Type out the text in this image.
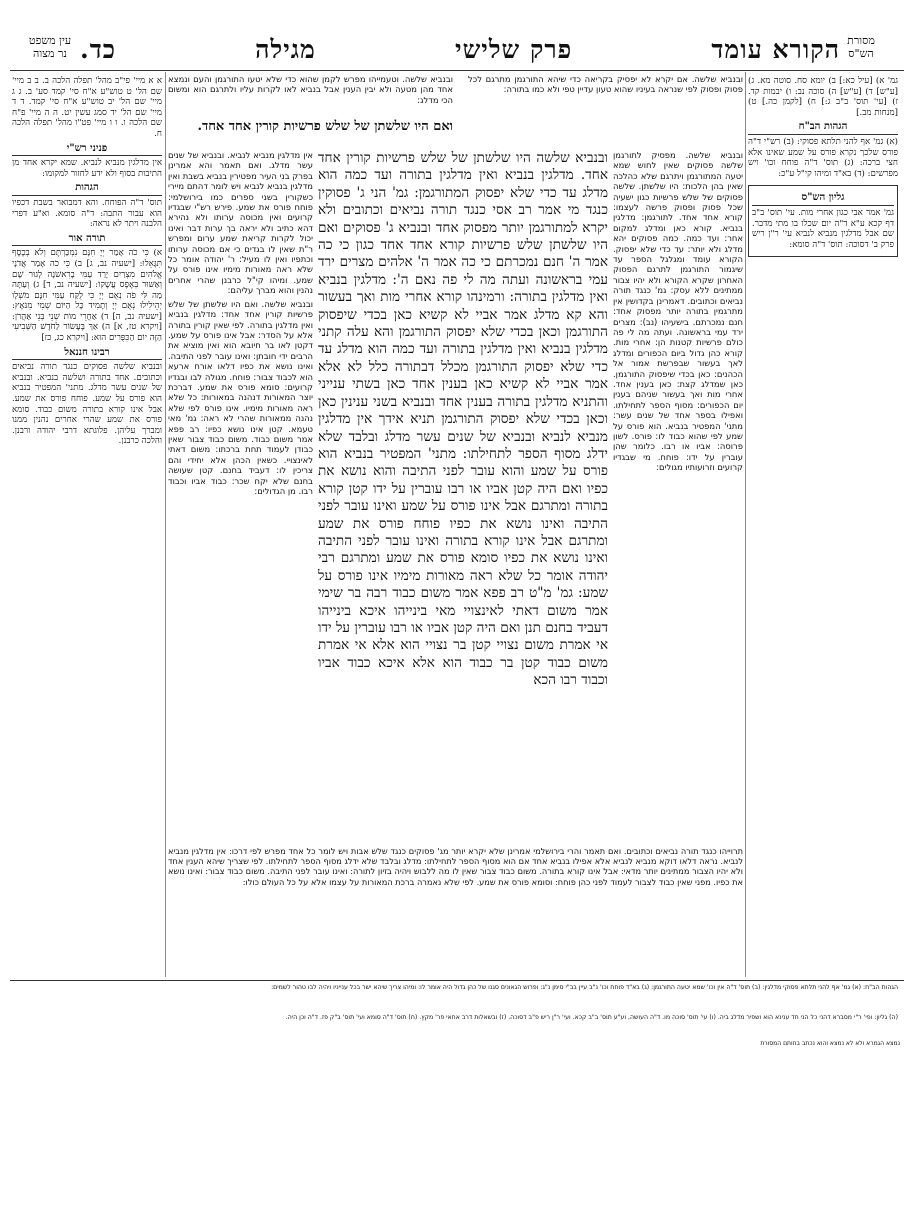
מסורת
הש"ס
עין משפט
נר מצוה	הקורא עומד
פרק שלישי
מגילה
כד.

ובנביא שלשה. אם יקרא לא יפסיק בקריאה כדי שיהא התורגמן מתרגם לכל פסוק ופסוק לפי שנראה בעיניו שהוא טעון עדיין טפי ולא כמו בתורה:

ובנביא שלשה. וטעמייהו מפרש לקמן שהוא כדי שלא יטעו התורגמן והעם ונמצא אחד מהן מטעה ולא יבין הענין אבל בנביא לאו לקרות עליו ולתרגם הוא ומשום הכי מדלג:

ואם היו שלשתן של שלש פרשיות קורין אחד אחד.
ובנביא שלשה היו שלשתן של שלש פרשיות קורין אחד אחד. מדלגין בנביא ואין מדלגין בתורה ועד כמה הוא מדלג עד כדי שלא יפסוק המתורגמן: גמ' הני ג' פסוקין כנגד מי אמר רב אסי כנגד תורה נביאים וכתובים ולא יקרא למתורגמן יותר מפסוק אחד ובנביא ג' פסוקים ואם היו שלשתן שלש פרשיות קורא אחד אחד כגון כי כה אמר ה' חנם נמכרתם כי כה אמר ה' אלהים מצרים ירד עמי בראשונה ועתה מה לי פה נאם ה': מדלגין בנביא ואין מדלגין בתורה: ורמינהו קורא אחרי מות ואך בעשור והא קא מדלג אמר אביי לא קשיא כאן בכדי שיפסוק התורגמן וכאן בכדי שלא יפסוק התורגמן והא עלה קתני מדלגין בנביא ואין מדלגין בתורה ועד כמה הוא מדלג עד כדי שלא יפסוק התורגמן מכלל דבתורה כלל לא אלא אמר אביי לא קשיא כאן בענין אחד כאן בשתי ענייני והתניא מדלגין בתורה בענין אחד ובנביא בשני ענינין כאן וכאן בכדי שלא יפסוק התורגמן תניא אידך אין מדלגין מנביא לנביא ובנביא של שנים עשר מדלג ובלבד שלא ידלג מסוף הספר לתחילתו: מתני' המפטיר בנביא הוא פורס על שמע והוא עובר לפני התיבה והוא נושא את כפיו ואם היה קטן אביו או רבו עוברין על ידו קטן קורא בתורה ומתרגם אבל אינו פורס על שמע ואינו עובר לפני התיבה ואינו נושא את כפיו פוחח פורס את שמע ומתרגם אבל אינו קורא בתורה ואינו עובר לפני התיבה ואינו נושא את כפיו סומא פורס את שמע ומתרגם רבי יהודה אומר כל שלא ראה מאורות מימיו אינו פורס על שמע: גמ' מ"ט רב פפא אמר משום כבוד רבה בר שימי אמר משום דאתי לאינצויי מאי בינייהו איכא בינייהו דעביד בחנם תנן ואם היה קטן אביו או רבו עוברין על ידו אי אמרת משום נצויי קטן בר נצויי הוא אלא אי אמרת משום כבוד קטן בר כבוד הוא אלא איכא כבוד אביו וכבוד רבו הכא

ובנביא שלשה. מפסיק לתורגמן שלשה פסוקים שאין לחוש שמא יטעה המתורגמן ויתרגם שלא כהלכה שאין בהן הלכות: היו שלשתן. שלשה פסוקים של שלש פרשיות כגון ישעיה שכל פסוק ופסוק פרשה לעצמו: קורא אחד אחד. לתורגמן: מדלגין בנביא. קורא כאן ומדלג למקום אחר: ועד כמה. כמה פסוקים יהא מדלג ולא יותר: עד כדי שלא יפסוק. הקורא עומד ומגלגל הספר עד שיגמור התורגמן לתרגם הפסוק האחרון שקרא הקורא ולא יהיו צבור ממתינים ללא עסק: גמ' כנגד תורה נביאים וכתובים. דאמרינן בקדושין אין מתרגמין בתורה יותר מפסוק אחד: חנם נמכרתם. בישעיהו (נב): מצרים ירד עמי בראשונה. ועתה מה לי פה כולם פרשיות קטנות הן: אחרי מות. קורא כהן גדול ביום הכפורים ומדלג לאך בעשור שבפרשת אמור אל הכהנים: כאן בכדי שיפסוק התורגמן. כאן שמדלג קצת: כאן בענין אחד. אחרי מות ואך בעשור שניהם בענין יום הכפורים: מסוף הספר לתחילתו. ואפילו בספר אחד של שנים עשר: מתני' המפטיר בנביא. הוא פורס על שמע לפי שהוא כבוד לו: פורס. לשון פרוסה: אביו או רבו. כלומר שהן עוברין על ידו: פוחח. מי שבגדיו קרועים וזרועותיו מגולים:

אין מדלגין מנביא לנביא. ובנביא של שנים עשר מדלג. ואם תאמר והא אמרינן בפרק בני העיר מפטירין בנביא בשבת ואין מדלגין בנביא לנביא ויש לומר דהתם מיירי כשקורין בשני ספרים כמו בירושלמי: פוחח פורס את שמע. פירש רש"י שבגדיו קרועים ואין מכוסה ערותו ולא נהירא דהא כתיב ולא יראה בך ערות דבר ואינו יכול לקרות קריאת שמע ערום ומפרש ר"ת שאין לו בגדים כי אם מכוסה ערותו וכתפיו ואין לו מעיל: ר' יהודה אומר כל שלא ראה מאורות מימיו אינו פורס על שמע. ומיהו קי"ל כרבנן שהרי אחרים נהנין והוא מברך עליהם:

ובנביא שלשה. ואם היו שלשתן של שלש פרשיות קורין אחד אחד: מדלגין בנביא ואין מדלגין בתורה. לפי שאין קורין בתורה אלא על הסדר: אבל אינו פורס על שמע. דקטן לאו בר חיובא הוא ואין מוציא את הרבים ידי חובתן: ואינו עובר לפני התיבה. ואינו נושא את כפיו דלאו אורח ארעא הוא לכבוד צבור: פוחח. מגולה לבו ובגדיו קרועים: סומא פורס את שמע. דברכת יוצר המאורות דנהנה במאורות: כל שלא ראה מאורות מימיו. אינו פורס לפי שלא נהנה ממאורות שהרי לא ראה: גמ' מאי טעמא. קטן אינו נושא כפיו: רב פפא אמר משום כבוד. משום כבוד צבור שאין כבודן לעמוד תחת ברכתו: משום דאתי לאינצויי. כשאין הכהן אלא יחידי והם צריכין לו: דעביד בחנם. קטן שעושה בחנם שלא יקח שכר: כבוד אביו וכבוד רבו. מן הגדולים:

תרוייהו כנגד תורה נביאים וכתובים. ואם תאמר והרי בירושלמי אמרינן שלא יקרא יותר מג' פסוקים כנגד שלש אבות ויש לומר כל אחד מפרש לפי דרכו: אין מדלגין מנביא לנביא. נראה דלאו דוקא מנביא לנביא אלא אפילו בנביא אחד אם הוא מסוף הספר לתחילתו: מדלג ובלבד שלא ידלג מסוף הספר לתחילתו. לפי שצריך שיהא הענין אחד ולא יהיו הצבור ממתינים יותר מדאי: אבל אינו קורא בתורה. משום כבוד צבור שאין לו מה ללבוש ויהיה בזיון לתורה: ואינו עובר לפני התיבה. משום כבוד צבור: ואינו נושא את כפיו. מפני שאין כבוד לצבור לעמוד לפני כהן פוחח: וסומא פורס את שמע. לפי שלא נאמרה ברכת המאורות על עצמו אלא על כל העולם כולו:

גמ' א) [עיל כא:] ב) יומא סח. סוטה מא. ג) [ע"ש] ד) [ע"ש] ה) סוכה נב: ו) יבמות קד. ז) [עי' תוס' ב"ב ג:] ח) [לקמן כה.] ט) [מנחות מב.]

הגהות הב"ח

(א) גמ' אף להני תלתא פסוקי: (ב) רש"י ד"ה פורס שלכך נקרא פורס על שמע שאינו אלא חצי ברכה: (ג) תוס' ד"ה פוחח וכו' ויש מפרשים: (ד) בא"ד ומיהו קי"ל ע"כ:

גליון הש"ס

גמ' אמר אבי כגון אחרי מות. עי' תוס' ב"ב דף קכא ע"א ד"ה יום שכלו בו מתי מדבר. שם אבל מדלגין מנביא לנביא עי' ר"ן ריש פרק ב' דסוכה: תוס' ד"ה סומא:

א א מיי' פי"ב מהל' תפלה הלכה ב. ב ב מיי' שם הל' ט טוש"ע א"ח סי' קמד סע' ב. ג ג מיי' שם הל' יב טוש"ע א"ח סי' קמד. ד ד מיי' שם הל' יד סמג עשין יט. ה ה מיי' פ"ח שם הלכה ו. ו ו מיי' פט"ו מהל' תפלה הלכה ח.

פניני רש"י

אין מדלגין מנביא לנביא. שמא יקרא אחד מן התיבות בסוף ולא ידע לחזור למקומו:

הגהות

תוס' ד"ה הפוחח. והא דמבואר בשבת דכפיו הוא עבור התבה: ד"ה סומא. וא"ע דפרי הלבנה ויתר לא נראה:

תורה אור

א) כִּי כֹה אָמַר יְיָ חִנָּם נִמְכַּרְתֶּם וְלֹא בְכֶסֶף תִּגָּאֵלוּ: [ישעיה נב, ג] ב) כִּי כֹה אָמַר אֲדֹנָי אֱלֹהִים מִצְרַיִם יָרַד עַמִּי בָרִאשֹׁנָה לָגוּר שָׁם וְאַשּׁוּר בְּאֶפֶס עֲשָׁקוֹ: [ישעיה נב, ד] ג) וְעַתָּה מַה לִּי פֹה נְאֻם יְיָ כִּי לֻקַּח עַמִּי חִנָּם מֹשְׁלָו יְהֵילִילוּ נְאֻם יְיָ וְתָמִיד כָּל הַיּוֹם שְׁמִי מִנֹּאָץ: [ישעיה נב, ה] ד) אַחֲרֵי מוֹת שְׁנֵי בְּנֵי אַהֲרֹן: [ויקרא טז, א] ה) אַךְ בֶּעָשׂוֹר לַחֹדֶשׁ הַשְּׁבִיעִי הַזֶּה יוֹם הַכִּפֻּרִים הוּא: [ויקרא כג, כז]

רבינו חננאל

ובנביא שלשה פסוקים כנגד תורה נביאים וכתובים. אחד בתורה ושלשה בנביא. ובנביא של שנים עשר מדלג. מתני' המפטיר בנביא הוא פורס על שמע. פוחח פורס את שמע. אבל אינו קורא בתורה משום כבוד. סומא פורס את שמע שהרי אחרים נהנין ממנו ומברך עליהן. פלוגתא דרבי יהודה ורבנן. והלכה כרבנן.

הגהות הב"ח: (א) גמ' אף להני תלתא פסוקי מדלגין: (ב) תוס' ד"ה אין וכו' שמא יטעה התורגמן: (ג) בא"ד פוחח וכו' נ"ב עיין בב"י סימן נ"ג: ופרוש הגאונים סגנו של כהן גדול היה אומר לו: ומיהו צריך שיהא ישר בכל ענייניו ויהיה לבו טהור לשמים:
(ה) גליון: ופי' ר"י מסברא דהני כל הני חד ענינא הוא ושפיר מדלג ביה. (ו) עי' תוס' סוכה מו. ד"ה העושה, וע"ע תוס' ב"ב קכא. ועי' ר"ן ריש פ"ב דסוכה. (ז) ובשאלות דרב אחאי פר' מקץ. (ח) תוס' ד"ה סומא ועי' תוס' ב"ק פז. ד"ה וכן היה.
נמצא הגמרא ולא לא נמצא והוא נכתב בחותם המסורת
